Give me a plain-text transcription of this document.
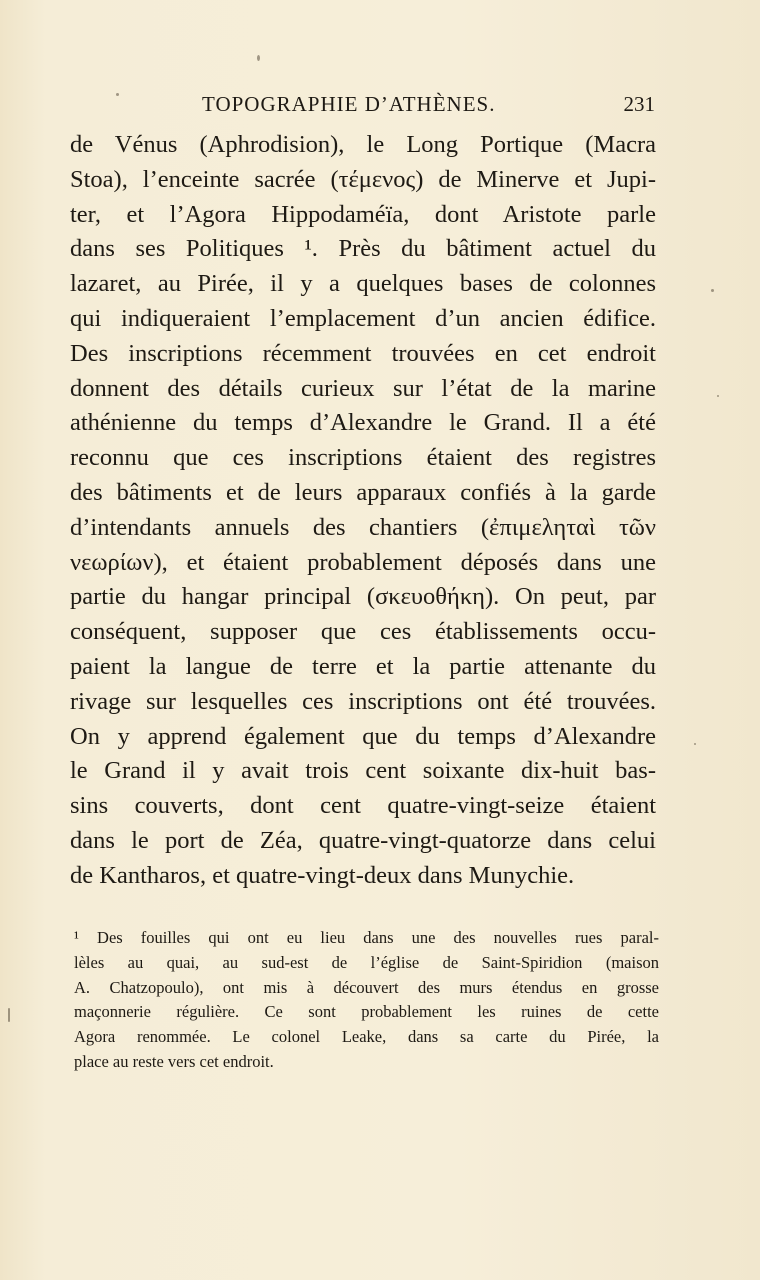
TOPOGRAPHIE D’ATHÈNES.	231
de Vénus (Aphrodision), le Long Portique (Macra
Stoa), l’enceinte sacrée (τέμενος) de Minerve et Jupi-
ter, et l’Agora Hippodaméïa, dont Aristote parle
dans ses Politiques ¹. Près du bâtiment actuel du
lazaret, au Pirée, il y a quelques bases de colonnes
qui indiqueraient l’emplacement d’un ancien édifice.
Des inscriptions récemment trouvées en cet endroit
donnent des détails curieux sur l’état de la marine
athénienne du temps d’Alexandre le Grand. Il a été
reconnu que ces inscriptions étaient des registres
des bâtiments et de leurs apparaux confiés à la garde
d’intendants annuels des chantiers (ἐπιμεληταὶ τῶν
νεωρίων), et étaient probablement déposés dans une
partie du hangar principal (σκευοθήκη). On peut, par
conséquent, supposer que ces établissements occu-
paient la langue de terre et la partie attenante du
rivage sur lesquelles ces inscriptions ont été trouvées.
On y apprend également que du temps d’Alexandre
le Grand il y avait trois cent soixante dix-huit bas-
sins couverts, dont cent quatre-vingt-seize étaient
dans le port de Zéa, quatre-vingt-quatorze dans celui
de Kantharos, et quatre-vingt-deux dans Munychie.
¹ Des fouilles qui ont eu lieu dans une des nouvelles rues paral-
lèles au quai, au sud-est de l’église de Saint-Spiridion (maison
A. Chatzopoulo), ont mis à découvert des murs étendus en grosse
maçonnerie régulière. Ce sont probablement les ruines de cette
Agora renommée. Le colonel Leake, dans sa carte du Pirée, la
place au reste vers cet endroit.
